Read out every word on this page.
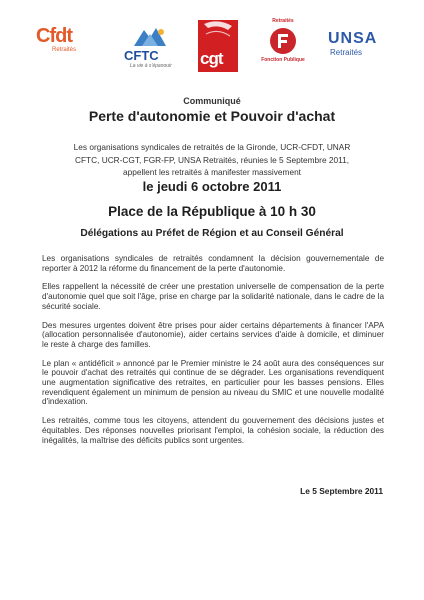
Cfdt
Retraités	CFTC
La vie à s'épanouir cgt
Retraités
Fonction Publique
UNSA
Retraités
Communiqué
Perte d'autonomie et Pouvoir d'achat

Les organisations syndicales de retraités de la Gironde, UCR-CFDT, UNAR

CFTC, UCR-CGT, FGR-FP, UNSA Retraités, réunies le 5 Septembre 2011,

appellent les retraités à manifester massivement

le jeudi 6 octobre 2011
Place de la République à 10 h 30
Délégations au Préfet de Région et au Conseil Général

Les organisations syndicales de retraités condamnent la décision gouvernementale de reporter à 2012 la réforme du financement de la perte d'autonomie.

Elles rappellent la nécessité de créer une prestation universelle de compensation de la perte d'autonomie quel que soit l'âge, prise en charge par la solidarité nationale, dans le cadre de la sécurité sociale.

Des mesures urgentes doivent être prises pour aider certains départements à financer l'APA (allocation personnalisée d'autonomie), aider certains services d'aide à domicile, et diminuer le reste à charge des familles.

Le plan « antidéficit » annoncé par le Premier ministre le 24 août aura des conséquences sur le pouvoir d'achat des retraités qui continue de se dégrader. Les organisations revendiquent une augmentation significative des retraites, en particulier pour les basses pensions. Elles revendiquent également un minimum de pension au niveau du SMIC et une nouvelle modalité d'indexation.

Les retraités, comme tous les citoyens, attendent du gouvernement des décisions justes et équitables. Des réponses nouvelles priorisant l'emploi, la cohésion sociale, la réduction des inégalités, la maîtrise des déficits publics sont urgentes.

Le 5 Septembre 2011
